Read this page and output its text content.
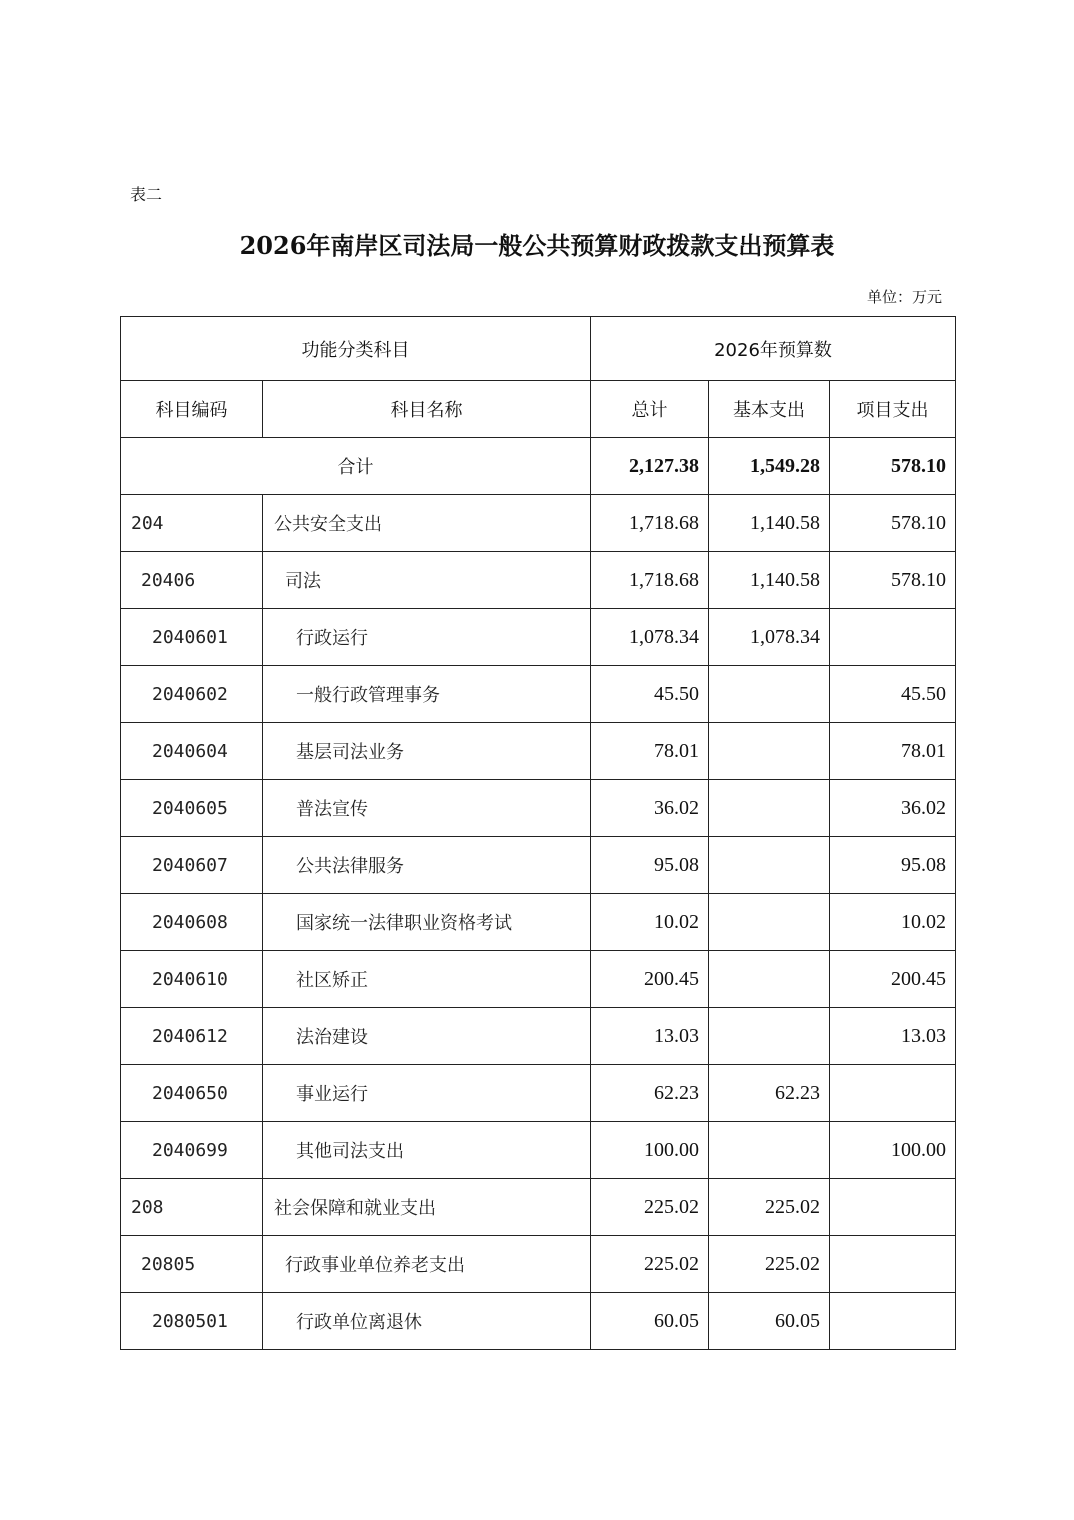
表二
2026年南岸区司法局一般公共预算财政拨款支出预算表
单位：万元
功能分类科目		2026年预算数		
科目编码	科目名称	总计	基本支出	项目支出
合计		2,127.38	1,549.28	578.10
204	公共安全支出	1,718.68	1,140.58	578.10
20406	司法	1,718.68	1,140.58	578.10
2040601	行政运行	1,078.34	1,078.34	
2040602	一般行政管理事务	45.50		45.50
2040604	基层司法业务	78.01		78.01
2040605	普法宣传	36.02		36.02
2040607	公共法律服务	95.08		95.08
2040608	国家统一法律职业资格考试	10.02		10.02
2040610	社区矫正	200.45		200.45
2040612	法治建设	13.03		13.03
2040650	事业运行	62.23	62.23	
2040699	其他司法支出	100.00		100.00
208	社会保障和就业支出	225.02	225.02	
20805	行政事业单位养老支出	225.02	225.02	
2080501	行政单位离退休	60.05	60.05	
